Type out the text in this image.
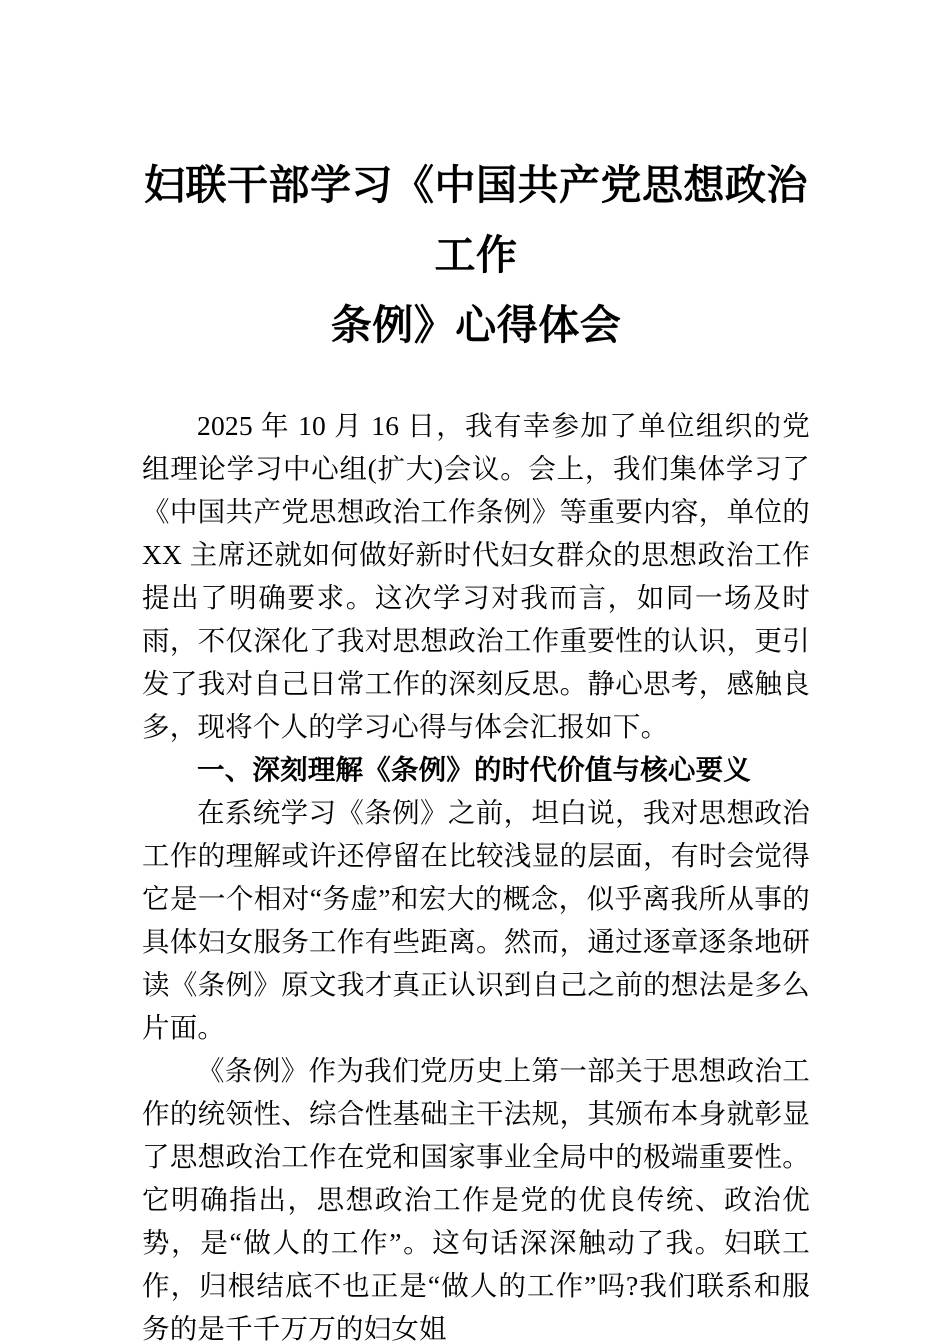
妇联干部学习《中国共产党思想政治工作
条例》心得体会

2025 年 10 月 16 日，我有幸参加了单位组织的党组理论学习中心组(扩大)会议。会上，我们集体学习了《中国共产党思想政治工作条例》等重要内容，单位的 XX 主席还就如何做好新时代妇女群众的思想政治工作提出了明确要求。这次学习对我而言，如同一场及时雨，不仅深化了我对思想政治工作重要性的认识，更引发了我对自己日常工作的深刻反思。静心思考，感触良多，现将个人的学习心得与体会汇报如下。

一、深刻理解《条例》的时代价值与核心要义

在系统学习《条例》之前，坦白说，我对思想政治工作的理解或许还停留在比较浅显的层面，有时会觉得它是一个相对“务虚”和宏大的概念，似乎离我所从事的具体妇女服务工作有些距离。然而，通过逐章逐条地研读《条例》原文我才真正认识到自己之前的想法是多么片面。

《条例》作为我们党历史上第一部关于思想政治工作的统领性、综合性基础主干法规，其颁布本身就彰显了思想政治工作在党和国家事业全局中的极端重要性。它明确指出，思想政治工作是党的优良传统、政治优势，是“做人的工作”。这句话深深触动了我。妇联工作，归根结底不也正是“做人的工作”吗?我们联系和服务的是千千万万的妇女姐
